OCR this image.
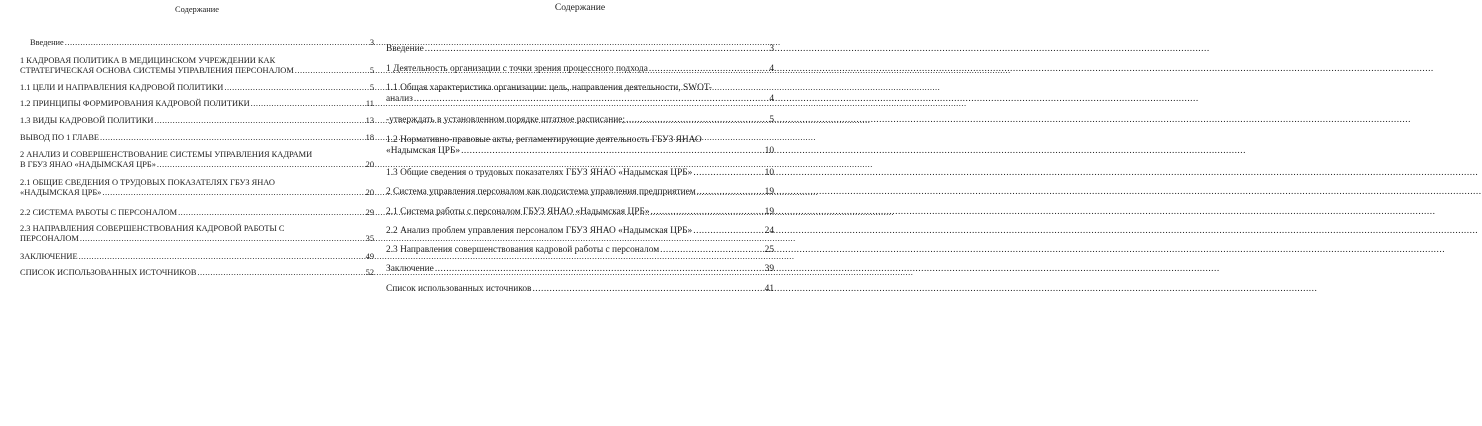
Содержание
Введение .....	3
1 КАДРОВАЯ ПОЛИТИКА В МЕДИЦИНСКОМ УЧРЕЖДЕНИИ КАК
СТРАТЕГИЧЕСКАЯ ОСНОВА СИСТЕМЫ УПРАВЛЕНИЯ ПЕРСОНАЛОМ .....	5
1.1 ЦЕЛИ И НАПРАВЛЕНИЯ КАДРОВОЙ ПОЛИТИКИ .....	5
1.2 ПРИНЦИПЫ ФОРМИРОВАНИЯ КАДРОВОЙ ПОЛИТИКИ .....	11
1.3 ВИДЫ КАДРОВОЙ ПОЛИТИКИ .....	13
ВЫВОД ПО 1 ГЛАВЕ .....	18
2 АНАЛИЗ И СОВЕРШЕНСТВОВАНИЕ СИСТЕМЫ УПРАВЛЕНИЯ КАДРАМИ
В ГБУЗ ЯНАО «НАДЫМСКАЯ ЦРБ» .....	20
2.1 ОБЩИЕ СВЕДЕНИЯ О ТРУДОВЫХ ПОКАЗАТЕЛЯХ ГБУЗ ЯНАО
«НАДЫМСКАЯ ЦРБ» .....	20
2.2 СИСТЕМА РАБОТЫ С ПЕРСОНАЛОМ .....	29
2.3 НАПРАВЛЕНИЯ СОВЕРШЕНСТВОВАНИЯ КАДРОВОЙ РАБОТЫ С
ПЕРСОНАЛОМ .....	35
ЗАКЛЮЧЕНИЕ .....	49
СПИСОК ИСПОЛЬЗОВАННЫХ ИСТОЧНИКОВ .....	52
Содержание
Введение .....	3
1 Деятельность организации с точки зрения процессного подхода .....	4
1.1 Общая характеристика организации: цель, направления деятельности, SWOT-
анализ .....	4
-утверждать в установленном порядке штатное расписание; .....	5
1.2 Нормативно-правовые акты, регламентирующие деятельность ГБУЗ ЯНАО
«Надымская ЦРБ» .....	10
1.3 Общие сведения о трудовых показателях ГБУЗ ЯНАО «Надымская ЦРБ» .....	10
2 Система управления персоналом как подсистема управления предприятием .....	19
2.1 Система работы с персоналом ГБУЗ ЯНАО «Надымская ЦРБ» .....	19
2.2 Анализ проблем управления персоналом ГБУЗ ЯНАО «Надымская ЦРБ» .....	24
2.3 Направления совершенствования кадровой работы с персоналом .....	25
Заключение .....	39
Список использованных источников .....	41
